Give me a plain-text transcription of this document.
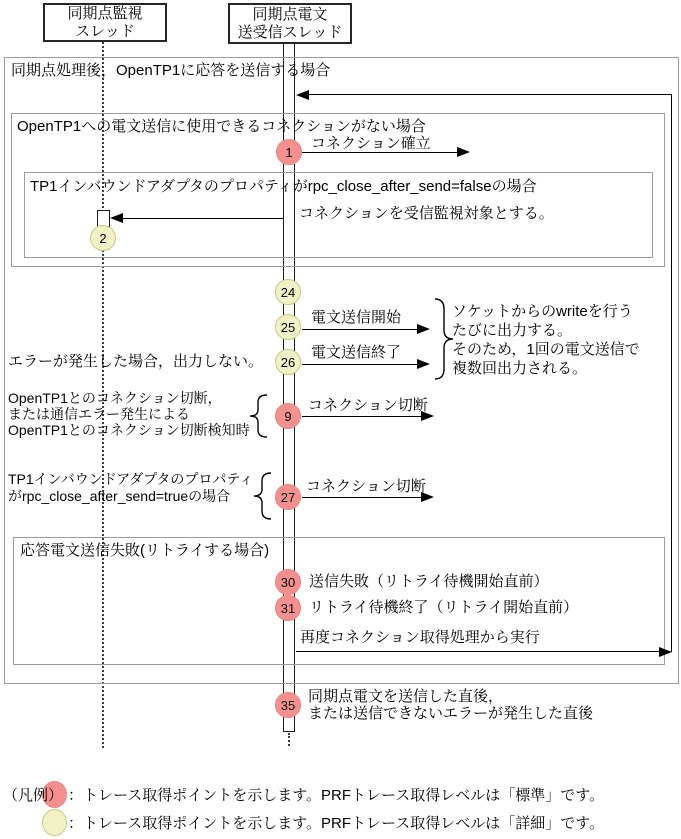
同期点監視
スレッド
同期点電文
送受信スレッド
同期点処理後，OpenTP1に応答を送信する場合
OpenTP1への電文送信に使用できるコネクションがない場合
TP1インバウンドアダプタのプロパティがrpc_close_after_send=falseの場合
応答電文送信失敗(リトライする場合)
再度コネクション取得処理から実行
コネクション確立
コネクションを受信監視対象とする。
電文送信開始
電文送信終了
ソケットからのwriteを行う
たびに出力する。
そのため，1回の電文送信で
複数回出力される。
エラーが発生した場合，出力しない。
OpenTP1とのコネクション切断，
または通信エラー発生による
OpenTP1とのコネクション切断検知時
コネクション切断
TP1インバウンドアダプタのプロパティ
がrpc_close_after_send=trueの場合
コネクション切断
送信失敗（リトライ待機開始直前）
リトライ待機終了（リトライ開始直前）
同期点電文を送信した直後，
または送信できないエラーが発生した直後
1
2
24
25
26
9
27
30
31
35
（凡例） ：トレース取得ポイントを示します。PRFトレース取得レベルは「標準」です。
：トレース取得ポイントを示します。PRFトレース取得レベルは「詳細」です。
